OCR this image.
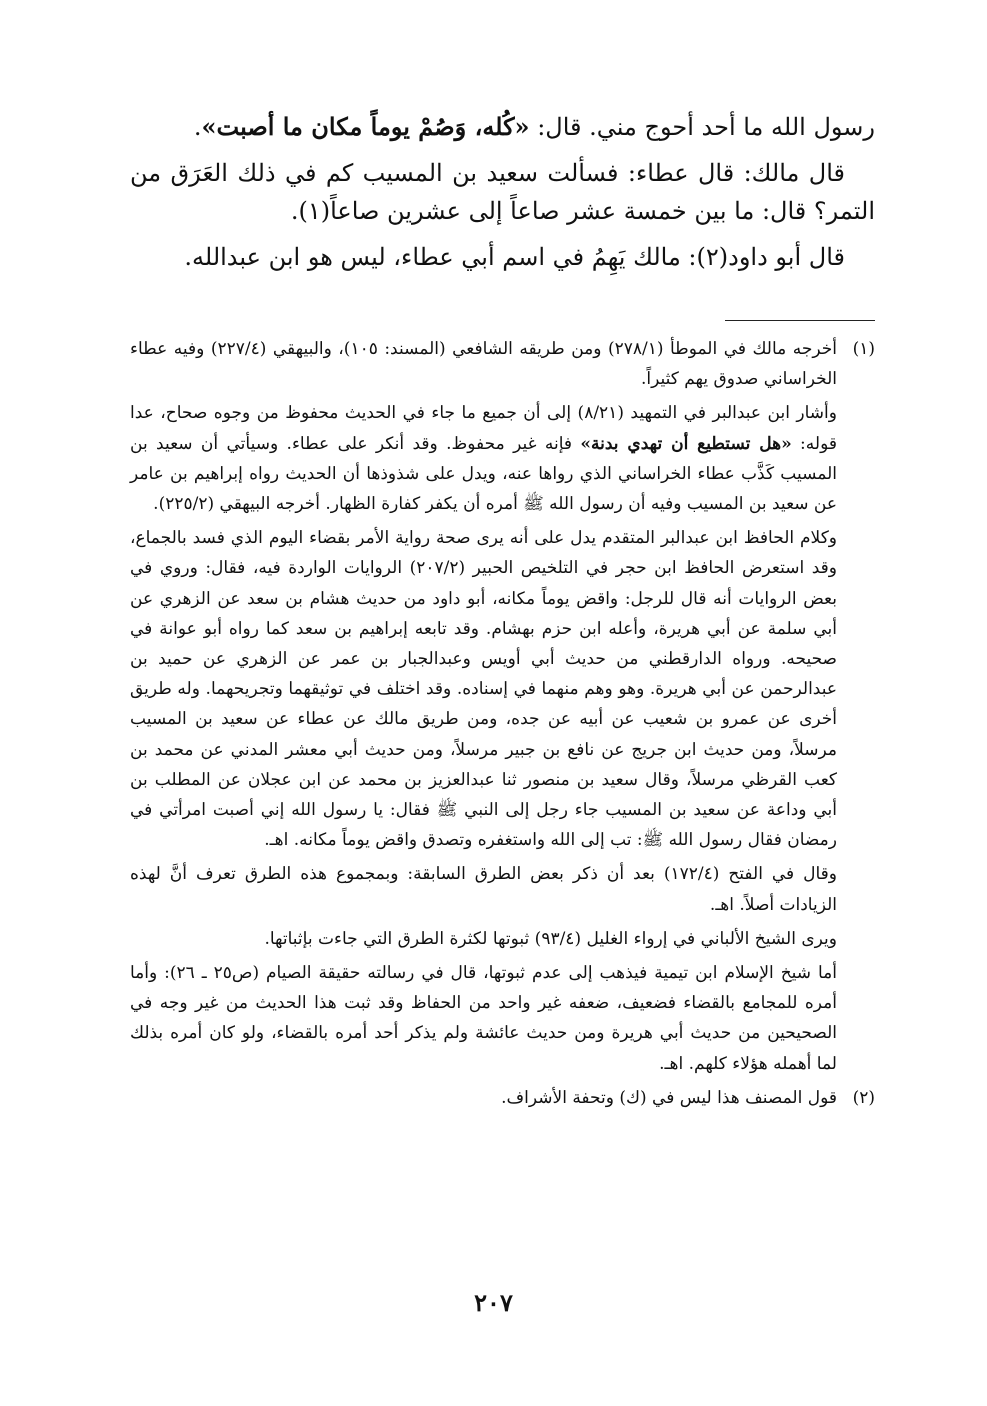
رسول الله ما أحد أحوج مني. قال: «كُله، وَصُمْ يوماً مكان ما أصبت».

قال مالك: قال عطاء: فسألت سعيد بن المسيب كم في ذلك العَرَق من التمر؟ قال: ما بين خمسة عشر صاعاً إلى عشرين صاعاً(١).

قال أبو داود(٢): مالك يَهِمُ في اسم أبي عطاء، ليس هو ابن عبدالله.

(١)

أخرجه مالك في الموطأ (٢٧٨/١) ومن طريقه الشافعي (المسند: ١٠٥)، والبيهقي (٢٢٧/٤) وفيه عطاء الخراساني صدوق يهم كثيراً.

وأشار ابن عبدالبر في التمهيد (٨/٢١) إلى أن جميع ما جاء في الحديث محفوظ من وجوه صحاح، عدا قوله: «هل تستطيع أن تهدي بدنة» فإنه غير محفوظ. وقد أنكر على عطاء. وسيأتي أن سعيد بن المسيب كَذَّب عطاء الخراساني الذي رواها عنه، ويدل على شذوذها أن الحديث رواه إبراهيم بن عامر عن سعيد بن المسيب وفيه أن رسول الله ﷺ أمره أن يكفر كفارة الظهار. أخرجه البيهقي (٢٢٥/٢).

وكلام الحافظ ابن عبدالبر المتقدم يدل على أنه يرى صحة رواية الأمر بقضاء اليوم الذي فسد بالجماع، وقد استعرض الحافظ ابن حجر في التلخيص الحبير (٢٠٧/٢) الروايات الواردة فيه، فقال: وروي في بعض الروايات أنه قال للرجل: واقض يوماً مكانه، أبو داود من حديث هشام بن سعد عن الزهري عن أبي سلمة عن أبي هريرة، وأعله ابن حزم بهشام. وقد تابعه إبراهيم بن سعد كما رواه أبو عوانة في صحيحه. ورواه الدارقطني من حديث أبي أويس وعبدالجبار بن عمر عن الزهري عن حميد بن عبدالرحمن عن أبي هريرة. وهو وهم منهما في إسناده. وقد اختلف في توثيقهما وتجريحهما. وله طريق أخرى عن عمرو بن شعيب عن أبيه عن جده، ومن طريق مالك عن عطاء عن سعيد بن المسيب مرسلاً، ومن حديث ابن جريج عن نافع بن جبير مرسلاً، ومن حديث أبي معشر المدني عن محمد بن كعب القرظي مرسلاً، وقال سعيد بن منصور ثنا عبدالعزيز بن محمد عن ابن عجلان عن المطلب بن أبي وداعة عن سعيد بن المسيب جاء رجل إلى النبي ﷺ فقال: يا رسول الله إني أصبت امرأتي في رمضان فقال رسول الله ﷺ: تب إلى الله واستغفره وتصدق واقض يوماً مكانه. اهـ.

وقال في الفتح (١٧٢/٤) بعد أن ذكر بعض الطرق السابقة: وبمجموع هذه الطرق تعرف أنَّ لهذه الزيادات أصلاً. اهـ.

ويرى الشيخ الألباني في إرواء الغليل (٩٣/٤) ثبوتها لكثرة الطرق التي جاءت بإثباتها.

أما شيخ الإسلام ابن تيمية فيذهب إلى عدم ثبوتها، قال في رسالته حقيقة الصيام (ص٢٥ ـ ٢٦): وأما أمره للمجامع بالقضاء فضعيف، ضعفه غير واحد من الحفاظ وقد ثبت هذا الحديث من غير وجه في الصحيحين من حديث أبي هريرة ومن حديث عائشة ولم يذكر أحد أمره بالقضاء، ولو كان أمره بذلك لما أهمله هؤلاء كلهم. اهـ.

(٢)

قول المصنف هذا ليس في (ك) وتحفة الأشراف.

٢٠٧
